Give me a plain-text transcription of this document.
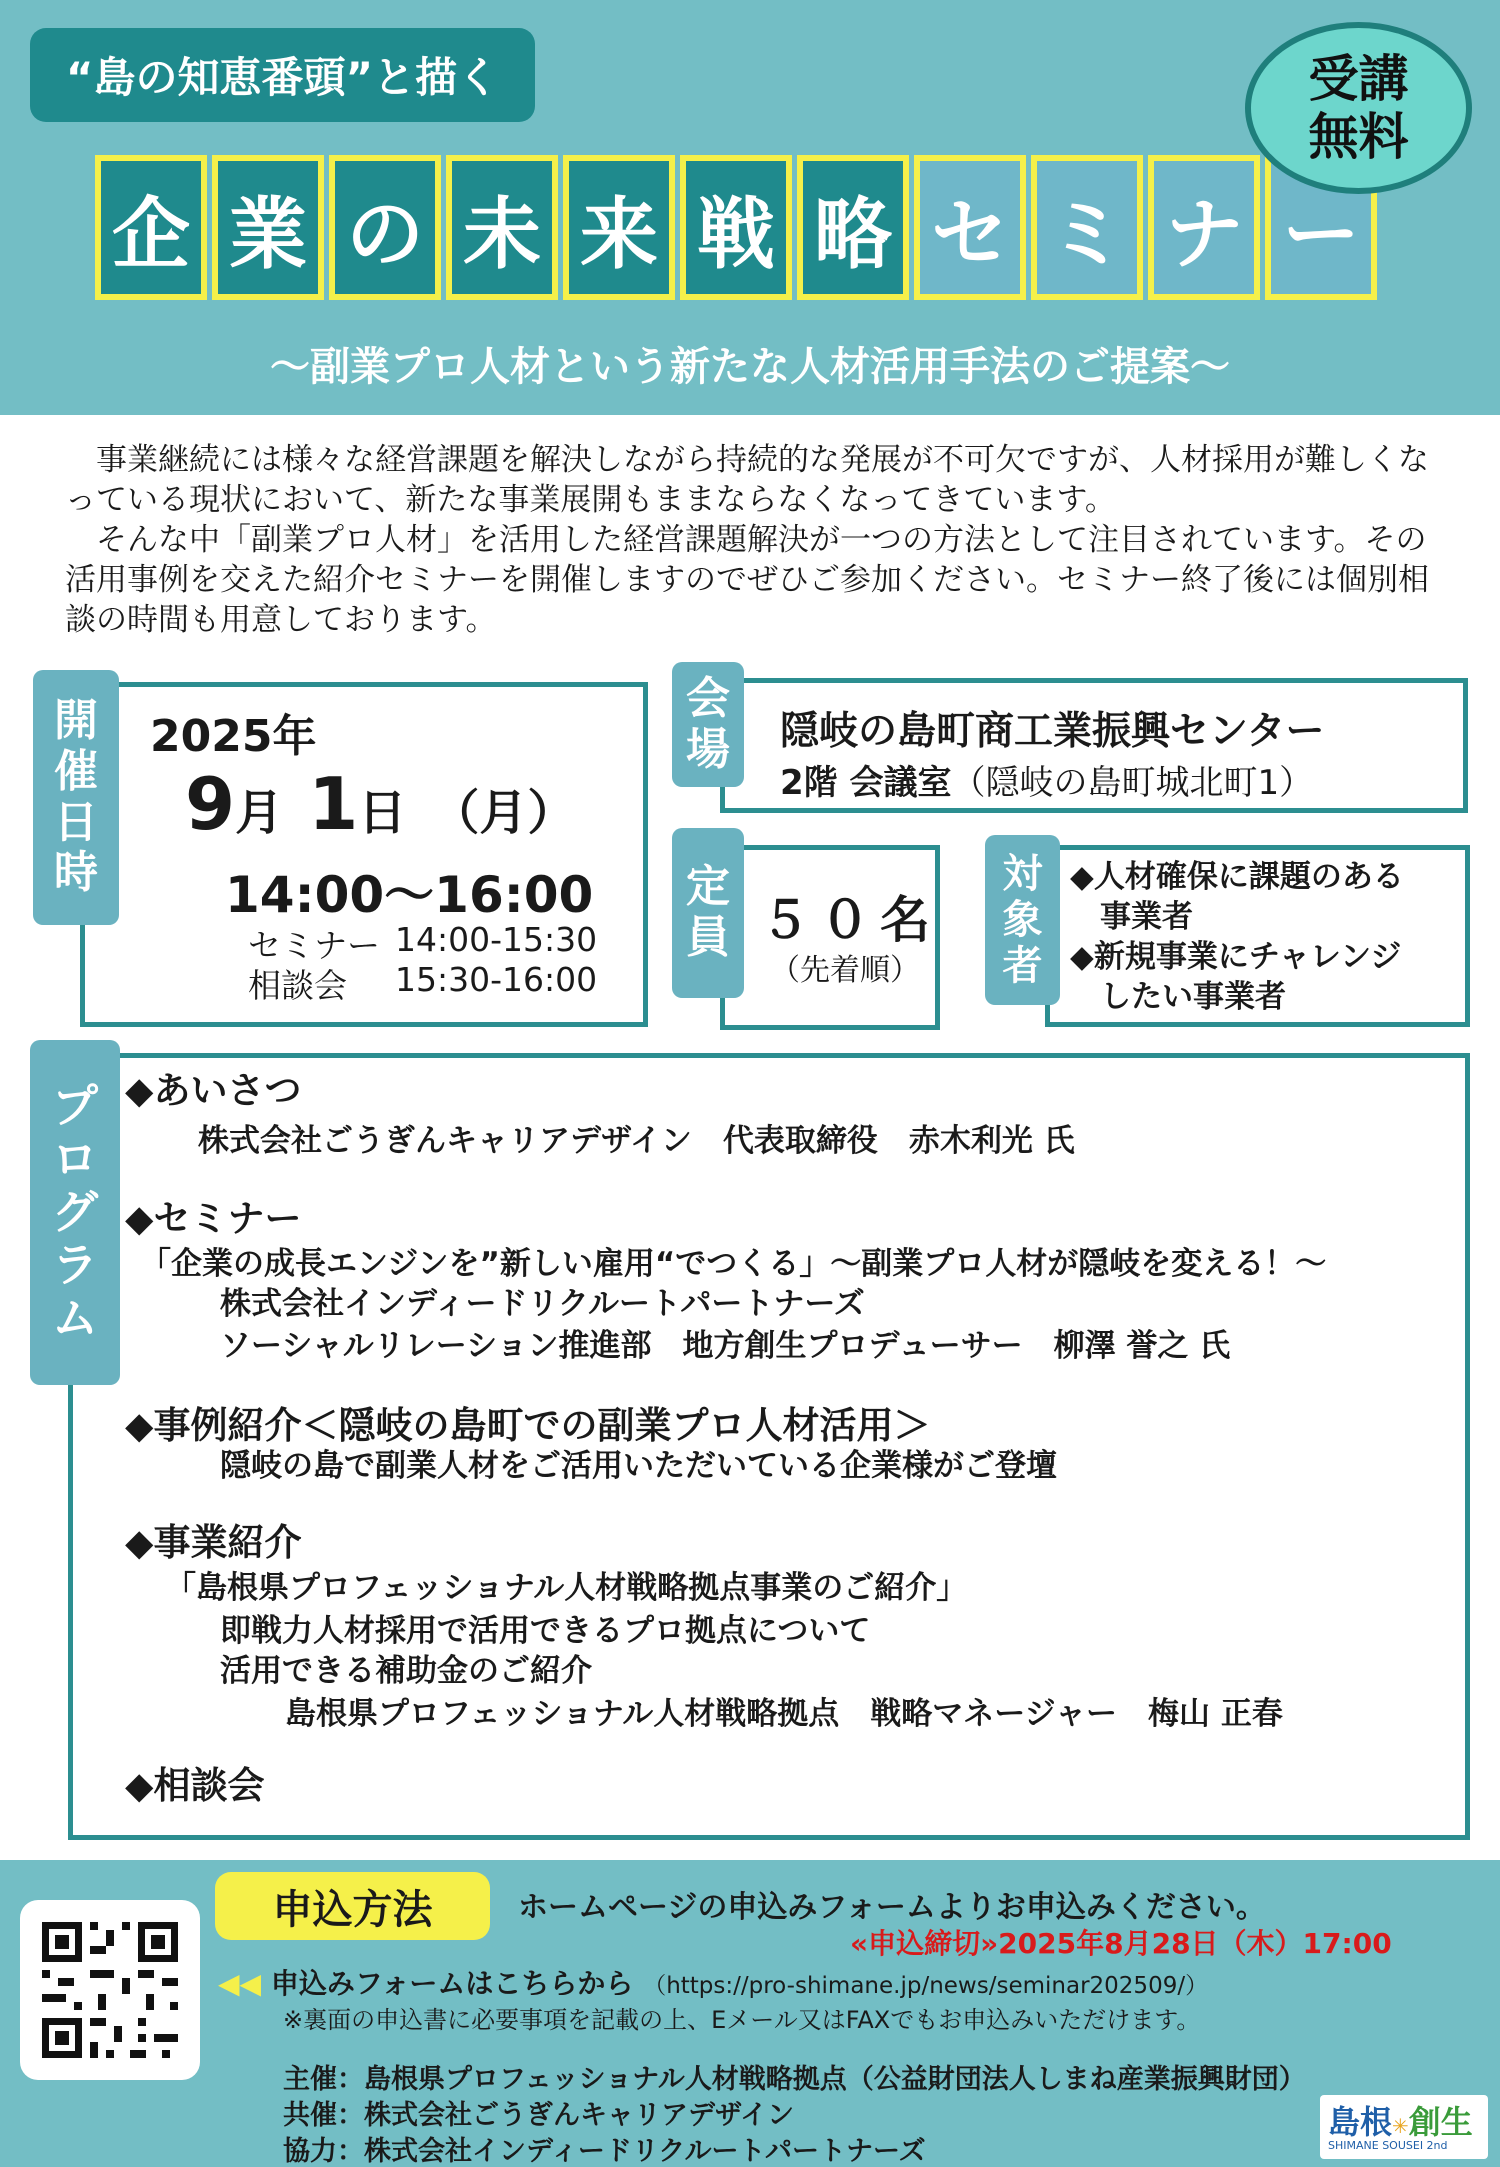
“島の知恵番頭”と描く	受講
無料
企 業 の 未 来 戦 略 セ ミ ナ ー
～副業プロ人材という新たな人材活用手法のご提案～

　事業継続には様々な経営課題を解決しながら持続的な発展が不可欠ですが、人材採用が難しくなっている現状において、新たな事業展開もままならなくなってきています。

　そんな中「副業プロ人材」を活用した経営課題解決が一つの方法として注目されています。その活用事例を交えた紹介セミナーを開催しますのでぜひご参加ください。セミナー終了後には個別相談の時間も用意しております。

開
催
日
時
2025年
9月 1日 （月）
14:00～16:00
セミナー 14:00-15:30
相談会 15:30-16:00
会
場 隠岐の島町商工業振興センター
2階 会議室（隠岐の島町城北町1）
定
員 ５０名
（先着順）
対
象
者
◆人材確保に課題のある
事業者
◆新規事業にチャレンジ
したい事業者
プ
ロ
グ
ラ
ム
◆あいさつ
株式会社ごうぎんキャリアデザイン　代表取締役　赤木利光 氏
◆セミナー
「企業の成長エンジンを”新しい雇用“でつくる」～副業プロ人材が隠岐を変える！～
株式会社インディードリクルートパートナーズ
ソーシャルリレーション推進部　地方創生プロデューサー　柳澤 誉之 氏
◆事例紹介＜隠岐の島町での副業プロ人材活用＞
隠岐の島で副業人材をご活用いただいている企業様がご登壇
◆事業紹介
「島根県プロフェッショナル人材戦略拠点事業のご紹介」
即戦力人材採用で活用できるプロ拠点について
活用できる補助金のご紹介
島根県プロフェッショナル人材戦略拠点　戦略マネージャー　梅山 正春
◆相談会
申込方法	ホームページの申込みフォームよりお申込みください。
«申込締切»2025年8月28日（木）17:00
◀◀ 申込みフォームはこちらから （https://pro-shimane.jp/news/seminar202509/）
※裏面の申込書に必要事項を記載の上、Eメール又はFAXでもお申込みいただけます。
主催：島根県プロフェッショナル人材戦略拠点（公益財団法人しまね産業振興財団）
共催：株式会社ごうぎんキャリアデザイン
協力：株式会社インディードリクルートパートナーズ
島根✳創生
SHIMANE SOUSEI 2nd
